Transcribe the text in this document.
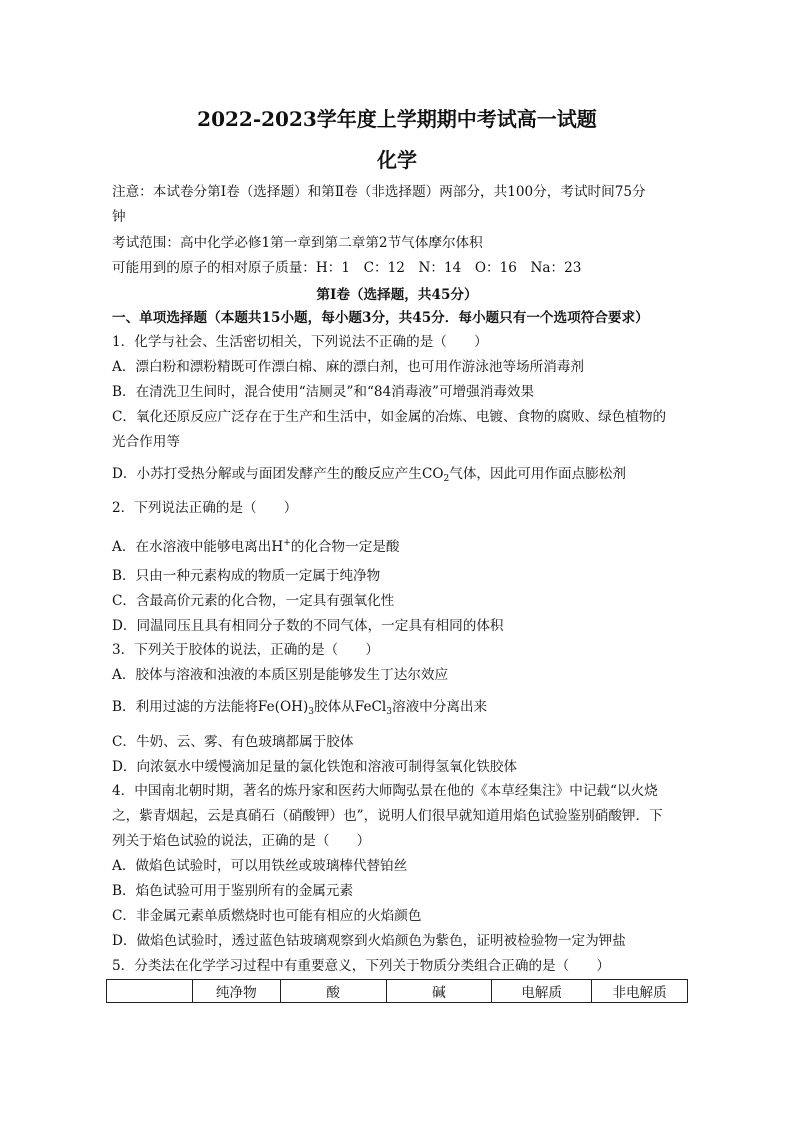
2022-2023学年度上学期期中考试高一试题
化学
注意：本试卷分第Ⅰ卷（选择题）和第Ⅱ卷（非选择题）两部分，共100分，考试时间75分
钟
考试范围：高中化学必修1第一章到第二章第2节气体摩尔体积
可能用到的原子的相对原子质量：H：1　C：12　N：14　O：16　Na：23
第Ⅰ卷（选择题，共45分）
一、单项选择题（本题共15小题，每小题3分，共45分．每小题只有一个选项符合要求）
1．化学与社会、生活密切相关，下列说法不正确的是（　　）
A．漂白粉和漂粉精既可作漂白棉、麻的漂白剂，也可用作游泳池等场所消毒剂
B．在清洗卫生间时，混合使用“洁厕灵”和“84消毒液”可增强消毒效果
C．氧化还原反应广泛存在于生产和生活中，如金属的冶炼、电镀、食物的腐败、绿色植物的
光合作用等
D．小苏打受热分解或与面团发酵产生的酸反应产生$CO_2$气体，因此可用作面点膨松剂
2．下列说法正确的是（　　）
A．在水溶液中能够电离出H+的化合物一定是酸
B．只由一种元素构成的物质一定属于纯净物
C．含最高价元素的化合物，一定具有强氧化性
D．同温同压且具有相同分子数的不同气体，一定具有相同的体积
3．下列关于胶体的说法，正确的是（　　）
A．胶体与溶液和浊液的本质区别是能够发生丁达尔效应
B．利用过滤的方法能将$Fe(OH)_3$胶体从FeCl$_3$溶液中分离出来
C．牛奶、云、雾、有色玻璃都属于胶体
D．向浓氨水中缓慢滴加足量的氯化铁饱和溶液可制得氢氧化铁胶体
4．中国南北朝时期，著名的炼丹家和医药大师陶弘景在他的《本草经集注》中记载“以火烧
之，紫青烟起，云是真硝石（硝酸钾）也”，说明人们很早就知道用焰色试验鉴别硝酸钾．下
列关于焰色试验的说法，正确的是（　　）
A．做焰色试验时，可以用铁丝或玻璃棒代替铂丝
B．焰色试验可用于鉴别所有的金属元素
C．非金属元素单质燃烧时也可能有相应的火焰颜色
D．做焰色试验时，透过蓝色钴玻璃观察到火焰颜色为紫色，证明被检验物一定为钾盐
5．分类法在化学学习过程中有重要意义，下列关于物质分类组合正确的是（　　）
	纯净物	酸	碱	电解质	非电解质
